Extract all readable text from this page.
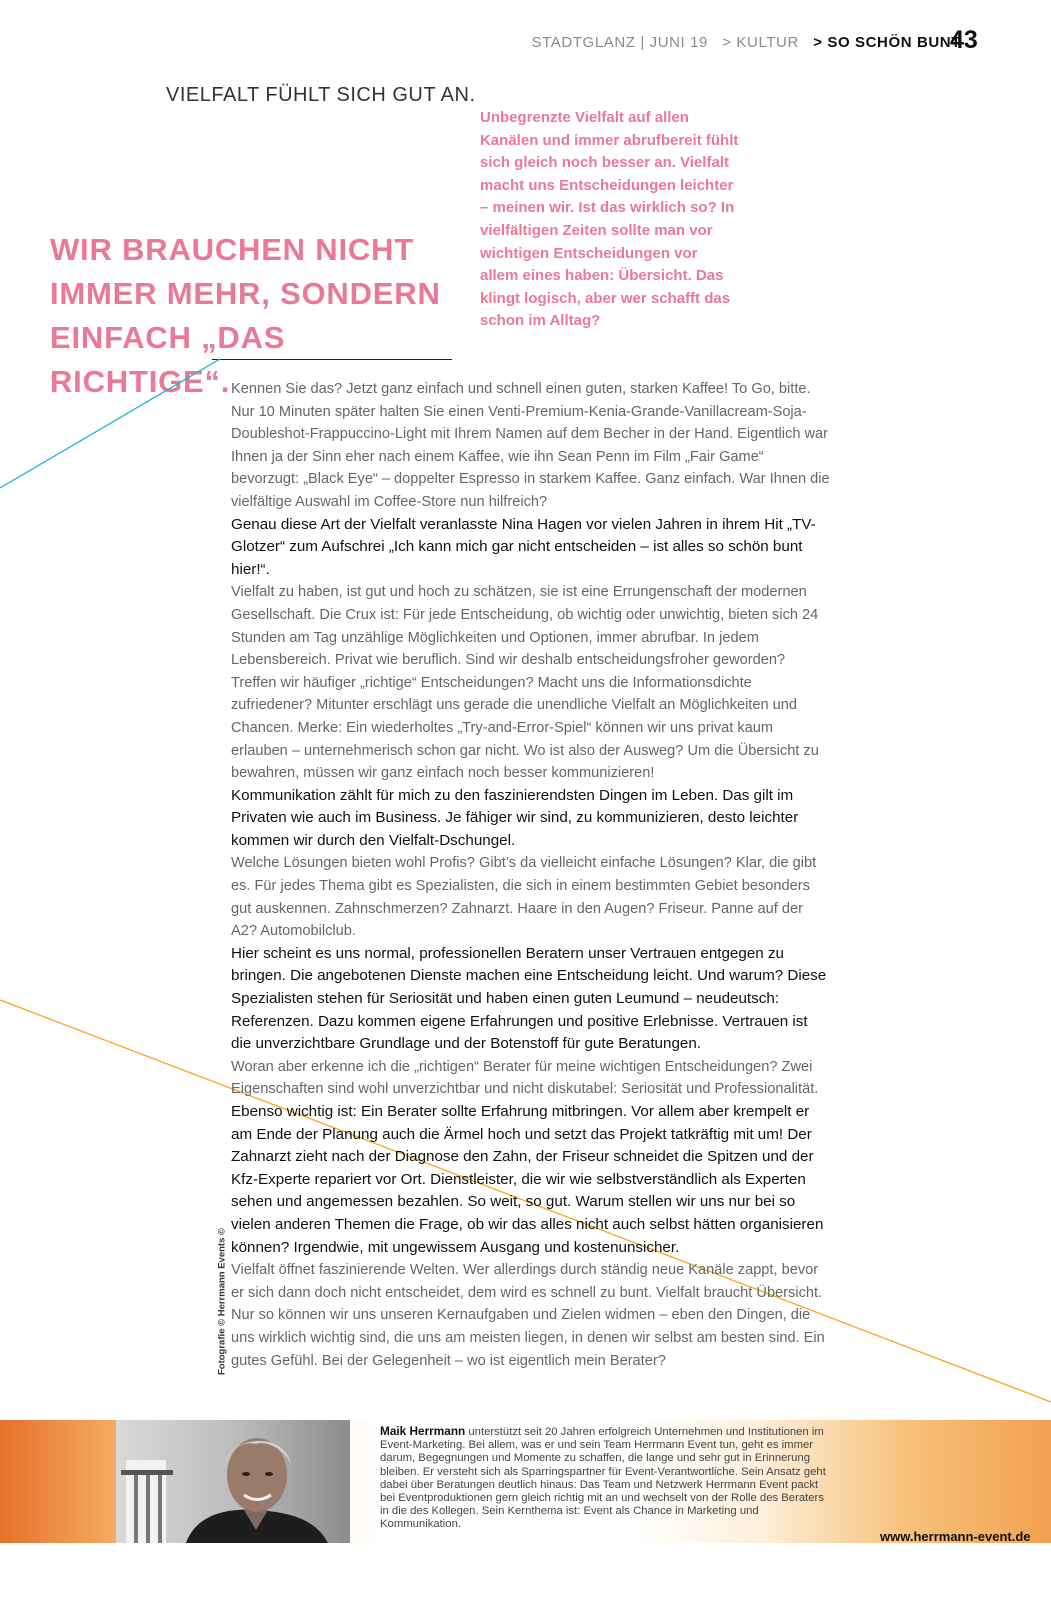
STADTGLANZ | JUNI 19 > KULTUR > SO SCHÖN BUNT
43
VIELFALT FÜHLT SICH GUT AN.
Unbegrenzte Vielfalt auf allen Kanälen und immer abrufbereit fühlt sich gleich noch besser an. Vielfalt macht uns Entscheidungen leichter – meinen wir. Ist das wirklich so? In vielfältigen Zeiten sollte man vor wichtigen Entscheidungen vor allem eines haben: Übersicht. Das klingt logisch, aber wer schafft das schon im Alltag?
WIR BRAUCHEN NICHT IMMER MEHR, SONDERN EINFACH „DAS RICHTIGE“. Kennen Sie das? Jetzt ganz einfach und schnell einen guten, starken Kaffee! To Go, bitte. Nur 10 Minuten später halten Sie einen Venti-Premium-Kenia-Grande-Vanillacream-Soja-Doubleshot-Frappuccino-Light mit Ihrem Namen auf dem Becher in der Hand. Eigentlich war Ihnen ja der Sinn eher nach einem Kaffee, wie ihn Sean Penn im Film „Fair Game“ bevorzugt: „Black Eye“ – doppelter Espresso in starkem Kaffee. Ganz einfach. War Ihnen die vielfältige Auswahl im Coffee-Store nun hilfreich?

Genau diese Art der Vielfalt veranlasste Nina Hagen vor vielen Jahren in ihrem Hit „TV-Glotzer“ zum Aufschrei „Ich kann mich gar nicht entscheiden – ist alles so schön bunt hier!“.

Vielfalt zu haben, ist gut und hoch zu schätzen, sie ist eine Errungenschaft der modernen Gesellschaft. Die Crux ist: Für jede Entscheidung, ob wichtig oder unwichtig, bieten sich 24 Stunden am Tag unzählige Möglichkeiten und Optionen, immer abrufbar. In jedem Lebensbereich. Privat wie beruflich. Sind wir deshalb entscheidungsfroher geworden? Treffen wir häufiger „richtige“ Entscheidungen? Macht uns die Informationsdichte zufriedener? Mitunter erschlägt uns gerade die unendliche Vielfalt an Möglichkeiten und Chancen. Merke: Ein wiederholtes „Try-and-Error-Spiel“ können wir uns privat kaum erlauben – unternehmerisch schon gar nicht. Wo ist also der Ausweg? Um die Übersicht zu bewahren, müssen wir ganz einfach noch besser kommunizieren!

Kommunikation zählt für mich zu den faszinierendsten Dingen im Leben. Das gilt im Privaten wie auch im Business. Je fähiger wir sind, zu kommunizieren, desto leichter kommen wir durch den Vielfalt-Dschungel.

Welche Lösungen bieten wohl Profis? Gibt’s da vielleicht einfache Lösungen? Klar, die gibt es. Für jedes Thema gibt es Spezialisten, die sich in einem bestimmten Gebiet besonders gut auskennen. Zahnschmerzen? Zahnarzt. Haare in den Augen? Friseur. Panne auf der A2? Automobilclub.

Hier scheint es uns normal, professionellen Beratern unser Vertrauen entgegen zu bringen. Die angebotenen Dienste machen eine Entscheidung leicht. Und warum? Diese Spezialisten stehen für Seriosität und haben einen guten Leumund – neudeutsch: Referenzen. Dazu kommen eigene Erfahrungen und positive Erlebnisse. Vertrauen ist die unverzichtbare Grundlage und der Botenstoff für gute Beratungen.

Woran aber erkenne ich die „richtigen“ Berater für meine wichtigen Entscheidungen? Zwei Eigenschaften sind wohl unverzichtbar und nicht diskutabel: Seriosität und Professionalität.

Ebenso wichtig ist: Ein Berater sollte Erfahrung mitbringen. Vor allem aber krempelt er am Ende der Planung auch die Ärmel hoch und setzt das Projekt tatkräftig mit um! Der Zahnarzt zieht nach der Diagnose den Zahn, der Friseur schneidet die Spitzen und der Kfz-Experte repariert vor Ort. Dienstleister, die wir wie selbstverständlich als Experten sehen und angemessen bezahlen. So weit, so gut. Warum stellen wir uns nur bei so vielen anderen Themen die Frage, ob wir das alles nicht auch selbst hätten organisieren können? Irgendwie, mit ungewissem Ausgang und kostenunsicher.

Vielfalt öffnet faszinierende Welten. Wer allerdings durch ständig neue Kanäle zappt, bevor er sich dann doch nicht entscheidet, dem wird es schnell zu bunt. Vielfalt braucht Übersicht. Nur so können wir uns unseren Kernaufgaben und Zielen widmen – eben den Dingen, die uns wirklich wichtig sind, die uns am meisten liegen, in denen wir selbst am besten sind. Ein gutes Gefühl. Bei der Gelegenheit – wo ist eigentlich mein Berater?

Fotografie © Herrmann Events ©
Maik Herrmann unterstützt seit 20 Jahren erfolgreich Unternehmen und Institutionen im Event-Marketing. Bei allem, was er und sein Team Herrmann Event tun, geht es immer darum, Begegnungen und Momente zu schaffen, die lange und sehr gut in Erinnerung bleiben. Er versteht sich als Sparringspartner für Event-Verantwortliche. Sein Ansatz geht dabei über Beratungen deutlich hinaus: Das Team und Netzwerk Herrmann Event packt bei Eventproduktionen gern gleich richtig mit an und wechselt von der Rolle des Beraters in die des Kollegen. Sein Kernthema ist: Event als Chance in Marketing und Kommunikation.
www.herrmann-event.de
